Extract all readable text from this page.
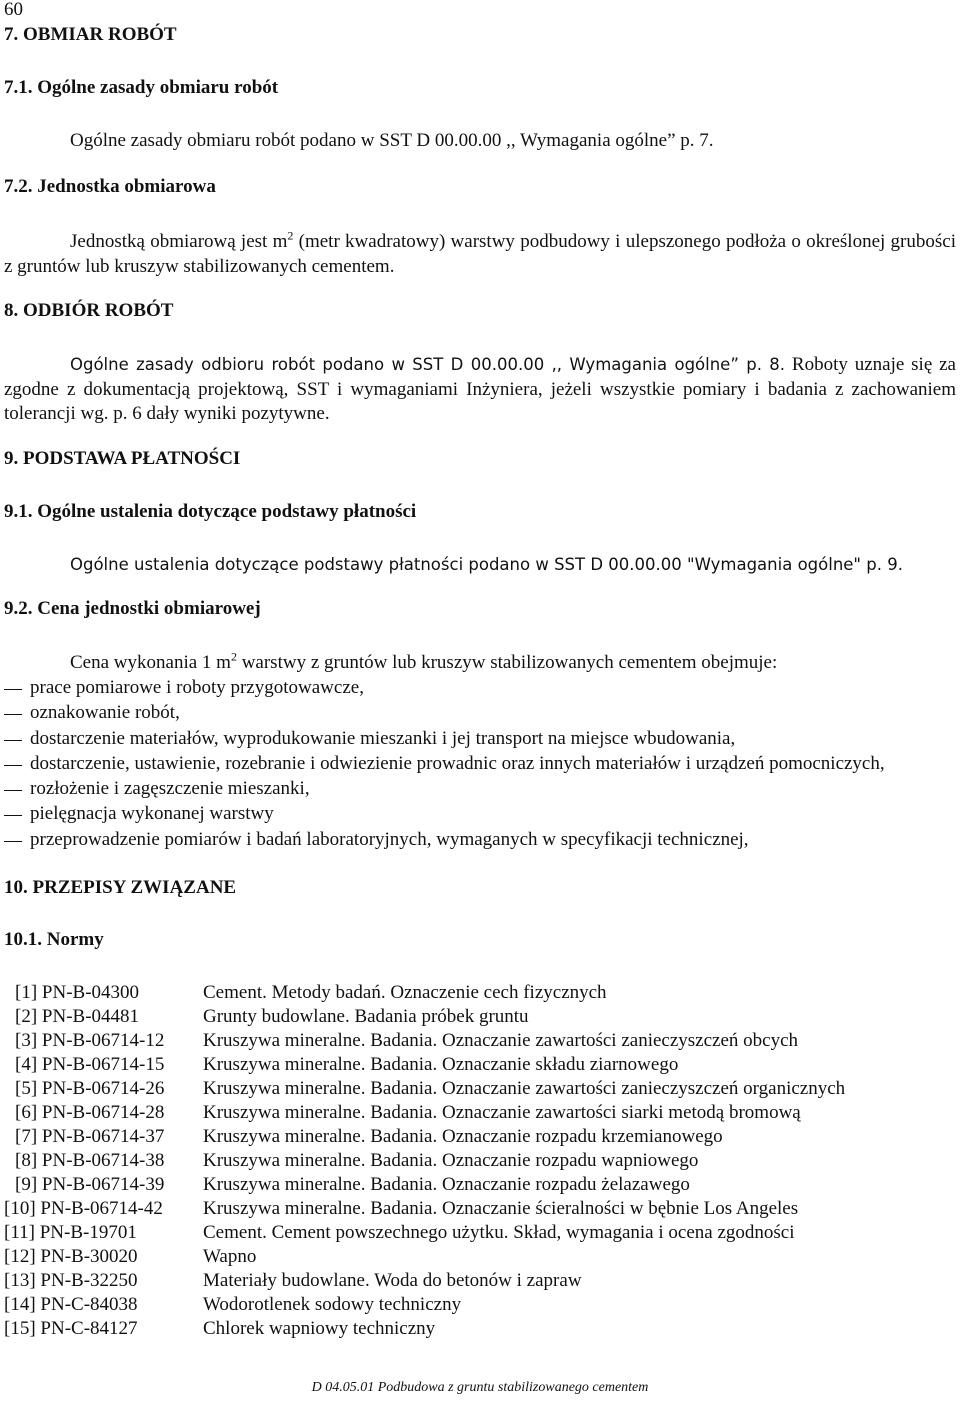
60
7. OBMIAR ROBÓT
7.1. Ogólne zasady obmiaru robót
Ogólne zasady obmiaru robót podano w SST D 00.00.00 ,, Wymagania ogólne” p. 7.
7.2. Jednostka obmiarowa
Jednostką obmiarową jest $m^2$ (metr kwadratowy) warstwy podbudowy i ulepszonego podłoża o określonej grubości z gruntów lub kruszyw stabilizowanych cementem.
8. ODBIÓR ROBÓT
Ogólne zasady odbioru robót podano w SST D 00.00.00 ,, Wymagania ogólne” p. 8. Roboty uznaje się za zgodne z dokumentacją projektową, SST i wymaganiami Inżyniera, jeżeli wszystkie pomiary i badania z zachowaniem tolerancji wg. p. 6 dały wyniki pozytywne.
9. PODSTAWA PŁATNOŚCI
9.1. Ogólne ustalenia dotyczące podstawy płatności
Ogólne ustalenia dotyczące podstawy płatności podano w SST D 00.00.00 "Wymagania ogólne" p. 9.
9.2. Cena jednostki obmiarowej
Cena wykonania 1 $m^2$ warstwy z gruntów lub kruszyw stabilizowanych cementem obejmuje:
prace pomiarowe i roboty przygotowawcze,
oznakowanie robót,
dostarczenie materiałów, wyprodukowanie mieszanki i jej transport na miejsce wbudowania,
dostarczenie, ustawienie, rozebranie i odwiezienie prowadnic oraz innych materiałów i urządzeń pomocniczych,
rozłożenie i zagęszczenie mieszanki,
pielęgnacja wykonanej warstwy
przeprowadzenie pomiarów i badań laboratoryjnych, wymaganych w specyfikacji technicznej,
10. PRZEPISY ZWIĄZANE
10.1. Normy
[1] PN-B-04300	Cement. Metody badań. Oznaczenie cech fizycznych
[2] PN-B-04481	Grunty budowlane. Badania próbek gruntu
[3] PN-B-06714-12 Kruszywa mineralne. Badania. Oznaczanie zawartości zanieczyszczeń obcych
[4] PN-B-06714-15 Kruszywa mineralne. Badania. Oznaczanie składu ziarnowego
[5] PN-B-06714-26 Kruszywa mineralne. Badania. Oznaczanie zawartości zanieczyszczeń organicznych
[6] PN-B-06714-28 Kruszywa mineralne. Badania. Oznaczanie zawartości siarki metodą bromową
[7] PN-B-06714-37 Kruszywa mineralne. Badania. Oznaczanie rozpadu krzemianowego
[8] PN-B-06714-38 Kruszywa mineralne. Badania. Oznaczanie rozpadu wapniowego
[9] PN-B-06714-39 Kruszywa mineralne. Badania. Oznaczanie rozpadu żelazawego
[10] PN-B-06714-42 Kruszywa mineralne. Badania. Oznaczanie ścieralności w bębnie Los Angeles
[11] PN-B-19701	Cement. Cement powszechnego użytku. Skład, wymagania i ocena zgodności
[12] PN-B-30020	Wapno
[13] PN-B-32250	Materiały budowlane. Woda do betonów i zapraw
[14] PN-C-84038	Wodorotlenek sodowy techniczny
[15] PN-C-84127	Chlorek wapniowy techniczny
D 04.05.01 Podbudowa z gruntu stabilizowanego cementem
